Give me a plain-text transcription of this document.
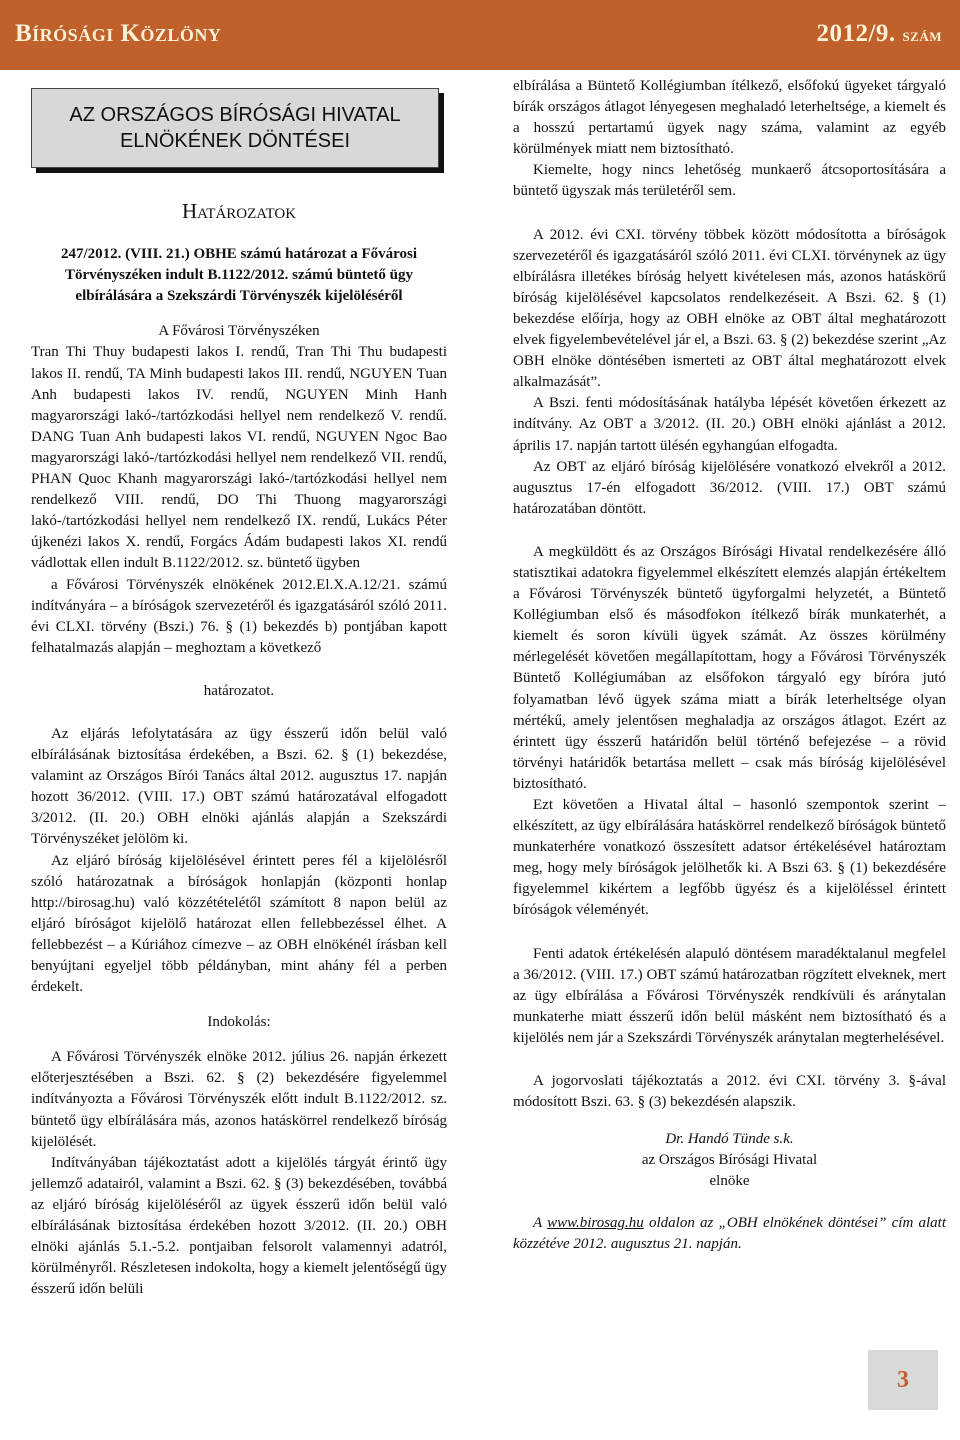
Bírósági Közlöny	2012/9. szám
AZ ORSZÁGOS BÍRÓSÁGI HIVATAL
ELNÖKÉNEK DÖNTÉSEI
Határozatok

247/2012. (VIII. 21.) OBHE számú határozat a Fővárosi Törvényszéken indult B.1122/2012. számú büntető ügy elbírálására a Szekszárdi Törvényszék kijelöléséről

A Fővárosi Törvényszéken

Tran Thi Thuy budapesti lakos I. rendű, Tran Thi Thu budapesti lakos II. rendű, TA Minh budapesti lakos III. rendű, NGUYEN Tuan Anh budapesti lakos IV. rendű, NGUYEN Minh Hanh magyarországi lakó-/tartózkodási hellyel nem rendelkező V. rendű. DANG Tuan Anh budapesti lakos VI. rendű, NGUYEN Ngoc Bao magyarországi lakó-/tartózkodási hellyel nem rendelkező VII. rendű, PHAN Quoc Khanh magyarországi lakó-/tartózkodási hellyel nem rendelkező VIII. rendű, DO Thi Thuong magyarországi lakó-/tartózkodási hellyel nem rendelkező IX. rendű, Lukács Péter újkenézi lakos X. rendű, Forgács Ádám budapesti lakos XI. rendű vádlottak ellen indult B.1122/2012. sz. büntető ügyben

a Fővárosi Törvényszék elnökének 2012.El.X.A.12/21. számú indítványára – a bíróságok szervezetéről és igazgatásáról szóló 2011. évi CLXI. törvény (Bszi.) 76. § (1) bekezdés b) pontjában kapott felhatalmazás alapján – meghoztam a következő

határozatot.

Az eljárás lefolytatására az ügy ésszerű időn belül való elbírálásának biztosítása érdekében, a Bszi. 62. § (1) bekezdése, valamint az Országos Bírói Tanács által 2012. augusztus 17. napján hozott 36/2012. (VIII. 17.) OBT számú határozatával elfogadott 3/2012. (II. 20.) OBH elnöki ajánlás alapján a Szekszárdi Törvényszéket jelölöm ki.

Az eljáró bíróság kijelölésével érintett peres fél a kijelölésről szóló határozatnak a bíróságok honlapján (központi honlap http://birosag.hu) való közzétételétől számított 8 napon belül az eljáró bíróságot kijelölő határozat ellen fellebbezéssel élhet. A fellebbezést – a Kúriához címezve – az OBH elnökénél írásban kell benyújtani egyeljel több példányban, mint ahány fél a perben érdekelt.

Indokolás:

A Fővárosi Törvényszék elnöke 2012. július 26. napján érkezett előterjesztésében a Bszi. 62. § (2) bekezdésére figyelemmel indítványozta a Fővárosi Törvényszék előtt indult B.1122/2012. sz. büntető ügy elbírálására más, azonos hatáskörrel rendelkező bíróság kijelölését.

Indítványában tájékoztatást adott a kijelölés tárgyát érintő ügy jellemző adatairól, valamint a Bszi. 62. § (3) bekezdésében, továbbá az eljáró bíróság kijelöléséről az ügyek ésszerű időn belül való elbírálásának biztosítása érdekében hozott 3/2012. (II. 20.) OBH elnöki ajánlás 5.1.-5.2. pontjaiban felsorolt valamennyi adatról, körülményről. Részletesen indokolta, hogy a kiemelt jelentőségű ügy ésszerű időn belüli

elbírálása a Büntető Kollégiumban ítélkező, elsőfokú ügyeket tárgyaló bírák országos átlagot lényegesen meghaladó leterheltsége, a kiemelt és a hosszú pertartamú ügyek nagy száma, valamint az egyéb körülmények miatt nem biztosítható.

Kiemelte, hogy nincs lehetőség munkaerő átcsoportosítására a büntető ügyszak más területéről sem.

A 2012. évi CXI. törvény többek között módosította a bíróságok szervezetéről és igazgatásáról szóló 2011. évi CLXI. törvénynek az ügy elbírálásra illetékes bíróság helyett kivételesen más, azonos hatáskörű bíróság kijelölésével kapcsolatos rendelkezéseit. A Bszi. 62. § (1) bekezdése előírja, hogy az OBH elnöke az OBT által meghatározott elvek figyelembevételével jár el, a Bszi. 63. § (2) bekezdése szerint „Az OBH elnöke döntésében ismerteti az OBT által meghatározott elvek alkalmazását”.

A Bszi. fenti módosításának hatályba lépését követően érkezett az indítvány. Az OBT a 3/2012. (II. 20.) OBH elnöki ajánlást a 2012. április 17. napján tartott ülésén egyhangúan elfogadta.

Az OBT az eljáró bíróság kijelölésére vonatkozó elvekről a 2012. augusztus 17-én elfogadott 36/2012. (VIII. 17.) OBT számú határozatában döntött.

A megküldött és az Országos Bírósági Hivatal rendelkezésére álló statisztikai adatokra figyelemmel elkészített elemzés alapján értékeltem a Fővárosi Törvényszék büntető ügyforgalmi helyzetét, a Büntető Kollégiumban első és másodfokon ítélkező bírák munkaterhét, a kiemelt és soron kívüli ügyek számát. Az összes körülmény mérlegelését követően megállapítottam, hogy a Fővárosi Törvényszék Büntető Kollégiumában az elsőfokon tárgyaló egy bíróra jutó folyamatban lévő ügyek száma miatt a bírák leterheltsége olyan mértékű, amely jelentősen meghaladja az országos átlagot. Ezért az érintett ügy ésszerű határidőn belül történő befejezése – a rövid törvényi határidők betartása mellett – csak más bíróság kijelölésével biztosítható.

Ezt követően a Hivatal által – hasonló szempontok szerint – elkészített, az ügy elbírálására hatáskörrel rendelkező bíróságok büntető munkaterhére vonatkozó összesített adatsor értékelésével határoztam meg, hogy mely bíróságok jelölhetők ki. A Bszi 63. § (1) bekezdésére figyelemmel kikértem a legfőbb ügyész és a kijelöléssel érintett bíróságok véleményét.

Fenti adatok értékelésén alapuló döntésem maradéktalanul megfelel a 36/2012. (VIII. 17.) OBT számú határozatban rögzített elveknek, mert az ügy elbírálása a Fővárosi Törvényszék rendkívüli és aránytalan munkaterhe miatt ésszerű időn belül másként nem biztosítható és a kijelölés nem jár a Szekszárdi Törvényszék aránytalan megterhelésével.

A jogorvoslati tájékoztatás a 2012. évi CXI. törvény 3. §-ával módosított Bszi. 63. § (3) bekezdésén alapszik.

Dr. Handó Tünde s.k.
az Országos Bírósági Hivatal
elnöke

A www.birosag.hu oldalon az „OBH elnökének döntései” cím alatt közzétéve 2012. augusztus 21. napján.

3
